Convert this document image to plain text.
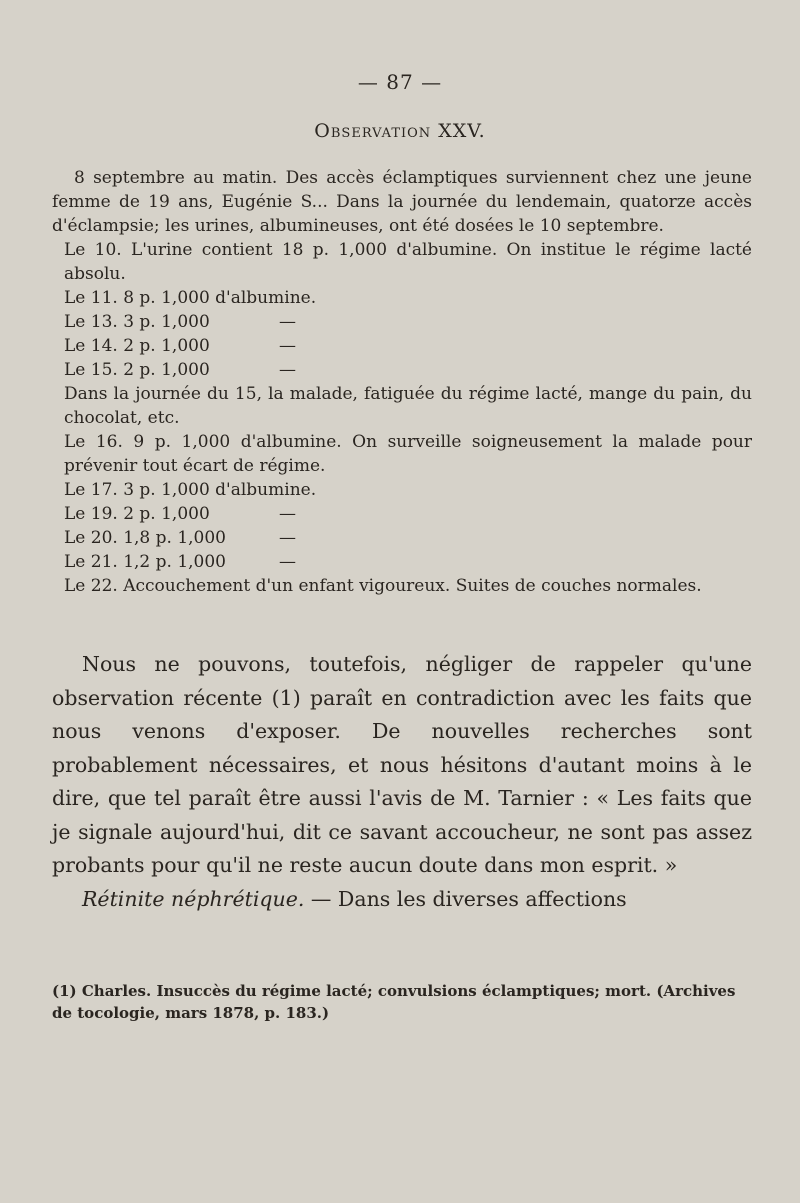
— 87 —
Observation XXV.

8 septembre au matin. Des accès éclamptiques surviennent chez une jeune femme de 19 ans, Eugénie S... Dans la journée du lendemain, quatorze accès d'éclampsie; les urines, albumineuses, ont été dosées le 10 septembre.

Le 10. L'urine contient 18 p. 1,000 d'albumine. On institue le régime lacté absolu.

Le 11. 8 p. 1,000 d'albumine.

Le 13. 3 p. 1,000	—
Le 14. 2 p. 1,000	—
Le 15. 2 p. 1,000	—

Dans la journée du 15, la malade, fatiguée du régime lacté, mange du pain, du chocolat, etc.

Le 16. 9 p. 1,000 d'albumine. On surveille soigneusement la malade pour prévenir tout écart de régime.

Le 17. 3 p. 1,000 d'albumine.

Le 19. 2 p. 1,000	—
Le 20. 1,8 p. 1,000	—
Le 21. 1,2 p. 1,000	—

Le 22. Accouchement d'un enfant vigoureux. Suites de couches normales.

Nous ne pouvons, toutefois, négliger de rappeler qu'une observation récente (1) paraît en contradiction avec les faits que nous venons d'exposer. De nouvelles recherches sont probablement nécessaires, et nous hésitons d'autant moins à le dire, que tel paraît être aussi l'avis de M. Tarnier : « Les faits que je signale aujourd'hui, dit ce savant accoucheur, ne sont pas assez probants pour qu'il ne reste aucun doute dans mon esprit. »

Rétinite néphrétique. — Dans les diverses affections

(1) Charles. Insuccès du régime lacté; convulsions éclamptiques; mort. (Archives de tocologie, mars 1878, p. 183.)
